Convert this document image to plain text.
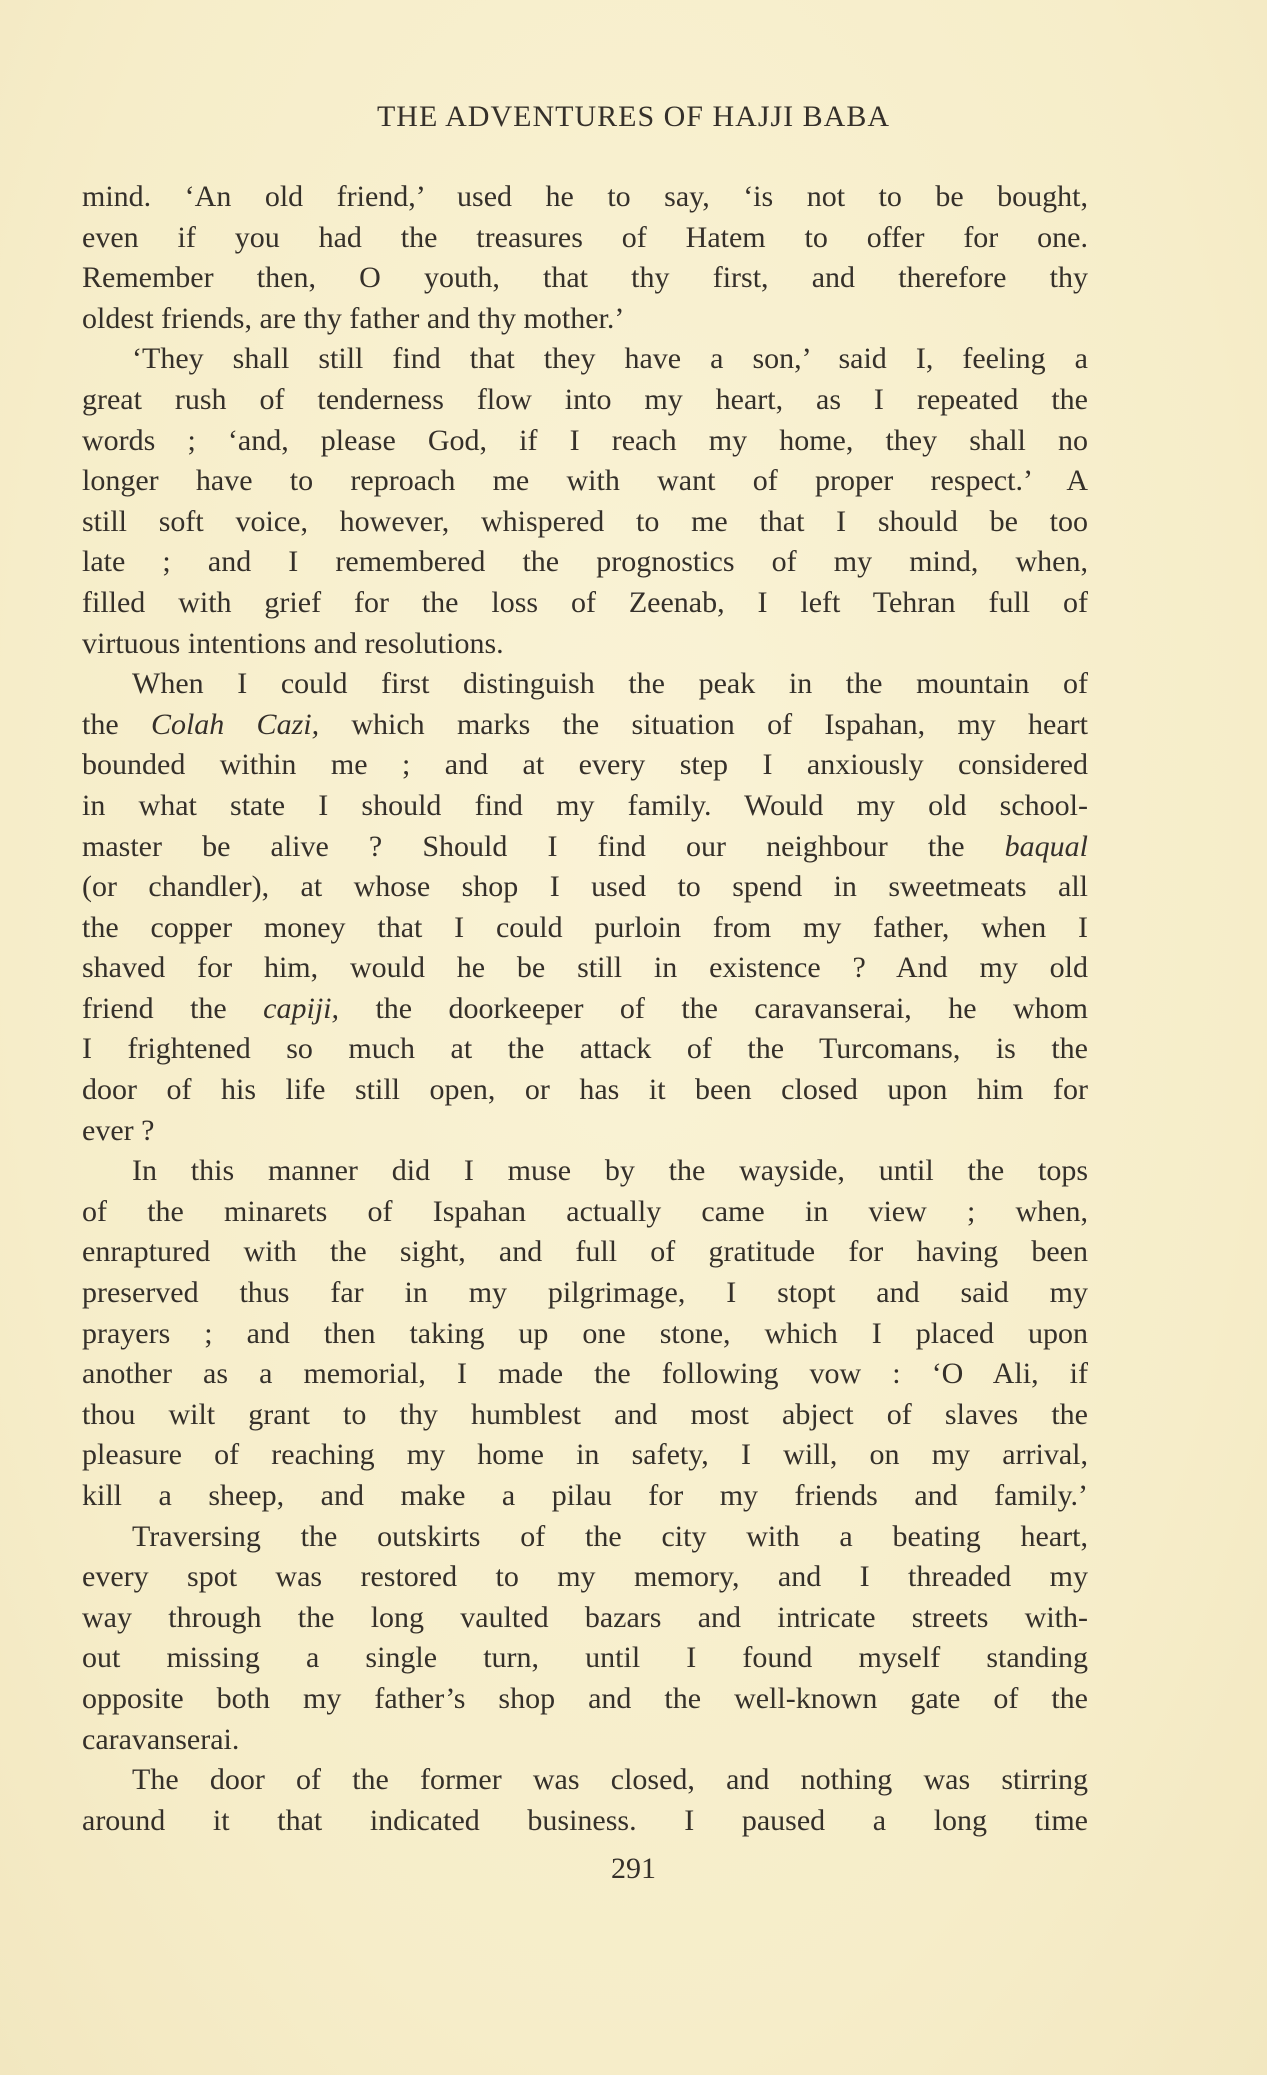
THE ADVENTURES OF HAJJI BABA
mind. ‘An old friend,’ used he to say, ‘is not to be bought,
even if you had the treasures of Hatem to offer for one.
Remember then, O youth, that thy first, and therefore thy
oldest friends, are thy father and thy mother.’
‘They shall still find that they have a son,’ said I, feeling a
great rush of tenderness flow into my heart, as I repeated the
words ; ‘and, please God, if I reach my home, they shall no
longer have to reproach me with want of proper respect.’ A
still soft voice, however, whispered to me that I should be too
late ; and I remembered the prognostics of my mind, when,
filled with grief for the loss of Zeenab, I left Tehran full of
virtuous intentions and resolutions.
When I could first distinguish the peak in the mountain of
the Colah Cazi, which marks the situation of Ispahan, my heart
bounded within me ; and at every step I anxiously considered
in what state I should find my family. Would my old school-
master be alive ? Should I find our neighbour the baqual
(or chandler), at whose shop I used to spend in sweetmeats all
the copper money that I could purloin from my father, when I
shaved for him, would he be still in existence ? And my old
friend the capiji, the doorkeeper of the caravanserai, he whom
I frightened so much at the attack of the Turcomans, is the
door of his life still open, or has it been closed upon him for
ever ?
In this manner did I muse by the wayside, until the tops
of the minarets of Ispahan actually came in view ; when,
enraptured with the sight, and full of gratitude for having been
preserved thus far in my pilgrimage, I stopt and said my
prayers ; and then taking up one stone, which I placed upon
another as a memorial, I made the following vow : ‘O Ali, if
thou wilt grant to thy humblest and most abject of slaves the
pleasure of reaching my home in safety, I will, on my arrival,
kill a sheep, and make a pilau for my friends and family.’
Traversing the outskirts of the city with a beating heart,
every spot was restored to my memory, and I threaded my
way through the long vaulted bazars and intricate streets with-
out missing a single turn, until I found myself standing
opposite both my father’s shop and the well-known gate of the
caravanserai.
The door of the former was closed, and nothing was stirring
around it that indicated business. I paused a long time
291
